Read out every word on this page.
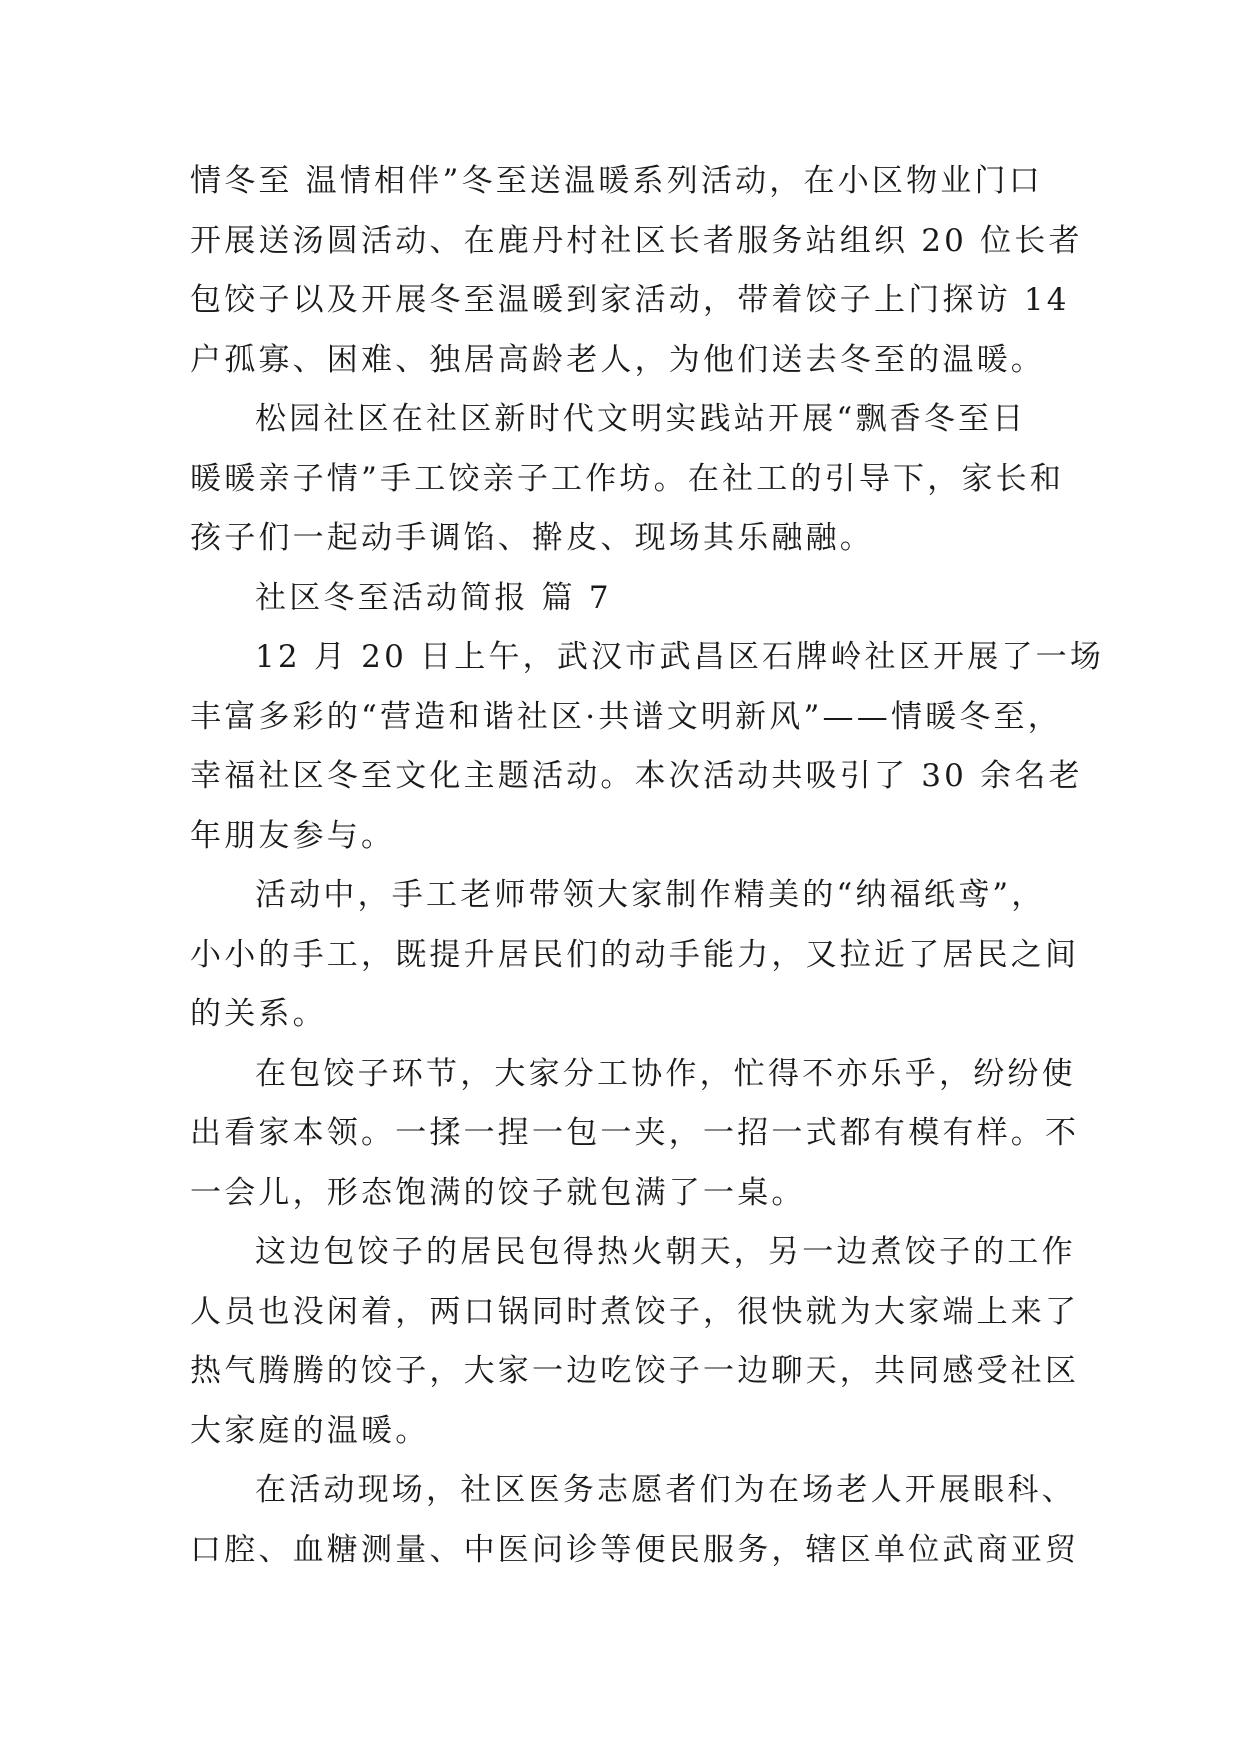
情冬至 温情相伴”冬至送温暖系列活动，在小区物业门口
开展送汤圆活动、在鹿丹村社区长者服务站组织 20 位长者
包饺子以及开展冬至温暖到家活动，带着饺子上门探访 14
户孤寡、困难、独居高龄老人，为他们送去冬至的温暖。
松园社区在社区新时代文明实践站开展“飘香冬至日
暖暖亲子情”手工饺亲子工作坊。在社工的引导下，家长和
孩子们一起动手调馅、擀皮、现场其乐融融。
社区冬至活动简报 篇 7
12 月 20 日上午，武汉市武昌区石牌岭社区开展了一场
丰富多彩的“营造和谐社区·共谱文明新风”——情暖冬至，
幸福社区冬至文化主题活动。本次活动共吸引了 30 余名老
年朋友参与。
活动中，手工老师带领大家制作精美的“纳福纸鸢”，
小小的手工，既提升居民们的动手能力，又拉近了居民之间
的关系。
在包饺子环节，大家分工协作，忙得不亦乐乎，纷纷使
出看家本领。一揉一捏一包一夹，一招一式都有模有样。不
一会儿，形态饱满的饺子就包满了一桌。
这边包饺子的居民包得热火朝天，另一边煮饺子的工作
人员也没闲着，两口锅同时煮饺子，很快就为大家端上来了
热气腾腾的饺子，大家一边吃饺子一边聊天，共同感受社区
大家庭的温暖。
在活动现场，社区医务志愿者们为在场老人开展眼科、
口腔、血糖测量、中医问诊等便民服务，辖区单位武商亚贸
